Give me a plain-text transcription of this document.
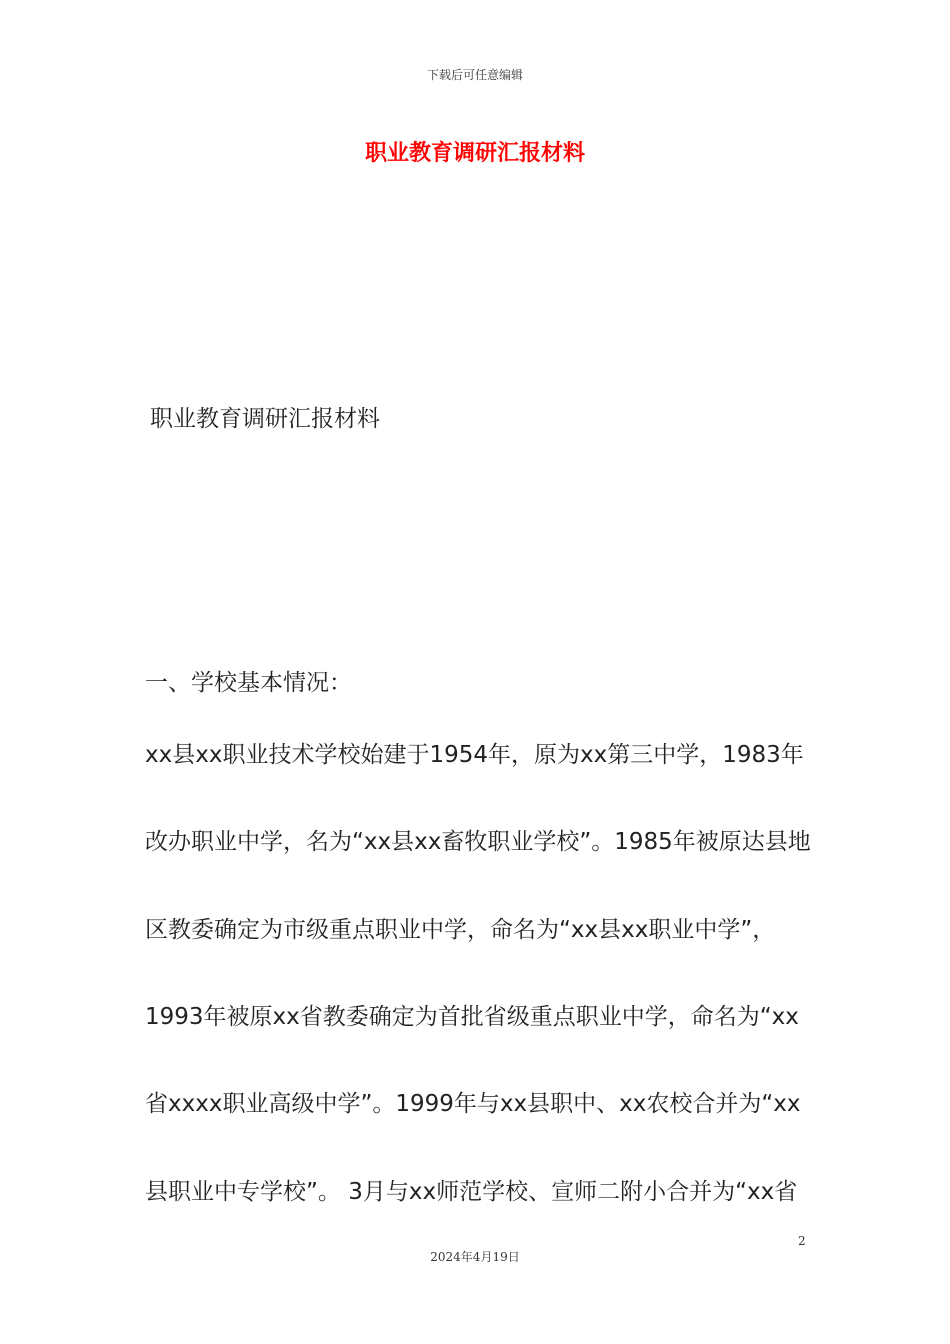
下载后可任意编辑
职业教育调研汇报材料
职业教育调研汇报材料
一、学校基本情况：
xx县xx职业技术学校始建于1954年，原为xx第三中学，1983年
改办职业中学，名为“xx县xx畜牧职业学校”。1985年被原达县地
区教委确定为市级重点职业中学，命名为“xx县xx职业中学”，
1993年被原xx省教委确定为首批省级重点职业中学，命名为“xx
省xxxx职业高级中学”。1999年与xx县职中、xx农校合并为“xx
县职业中专学校”。 3月与xx师范学校、宣师二附小合并为“xx省
2
2024年4月19日
